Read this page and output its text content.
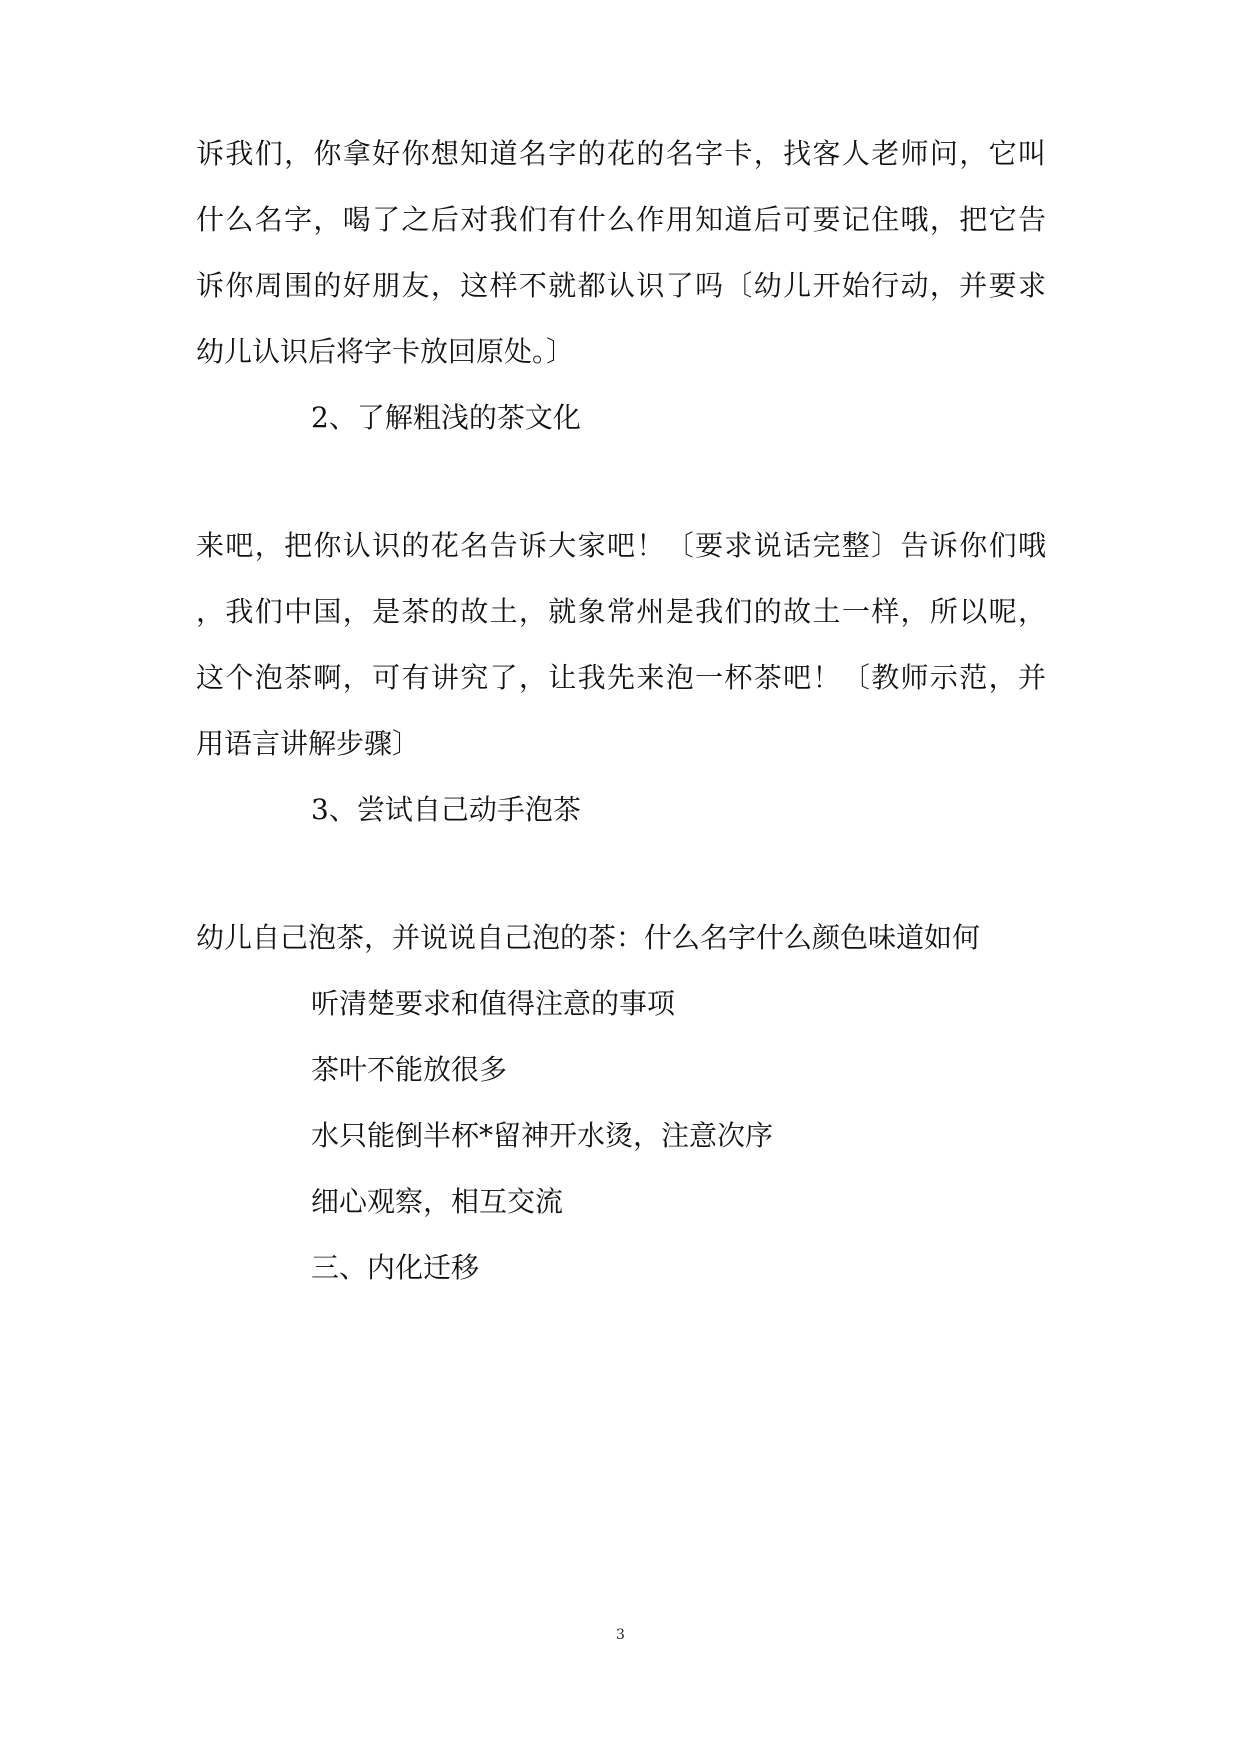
诉我们，你拿好你想知道名字的花的名字卡，找客人老师问，它叫
什么名字，喝了之后对我们有什么作用知道后可要记住哦，把它告
诉你周围的好朋友，这样不就都认识了吗〔幼儿开始行动，并要求
幼儿认识后将字卡放回原处。〕
2、了解粗浅的茶文化
来吧，把你认识的花名告诉大家吧！〔要求说话完整〕告诉你们哦
，我们中国，是茶的故土，就象常州是我们的故土一样，所以呢，
这个泡茶啊，可有讲究了，让我先来泡一杯茶吧！〔教师示范，并
用语言讲解步骤〕
3、尝试自己动手泡茶
幼儿自己泡茶，并说说自己泡的茶：什么名字什么颜色味道如何
听清楚要求和值得注意的事项
茶叶不能放很多
水只能倒半杯*留神开水烫，注意次序
细心观察，相互交流
三、内化迁移
3
